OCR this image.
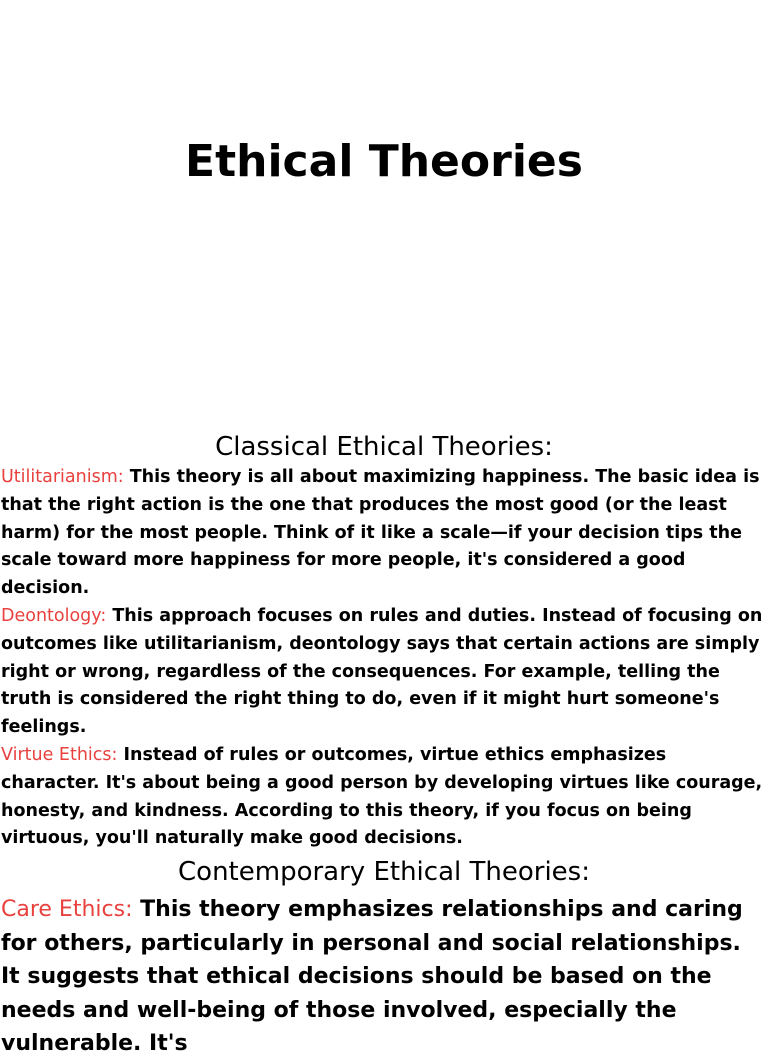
Ethical Theories
Classical Ethical Theories:

Utilitarianism: This theory is all about maximizing happiness. The basic idea is that the right action is the one that produces the most good (or the least harm) for the most people. Think of it like a scale—if your decision tips the scale toward more happiness for more people, it's considered a good decision.

Deontology: This approach focuses on rules and duties. Instead of focusing on outcomes like utilitarianism, deontology says that certain actions are simply right or wrong, regardless of the consequences. For example, telling the truth is considered the right thing to do, even if it might hurt someone's feelings.

Virtue Ethics: Instead of rules or outcomes, virtue ethics emphasizes character. It's about being a good person by developing virtues like courage, honesty, and kindness. According to this theory, if you focus on being virtuous, you'll naturally make good decisions.

Contemporary Ethical Theories:

Care Ethics: This theory emphasizes relationships and caring for others, particularly in personal and social relationships. It suggests that ethical decisions should be based on the needs and well-being of those involved, especially the vulnerable. It's
